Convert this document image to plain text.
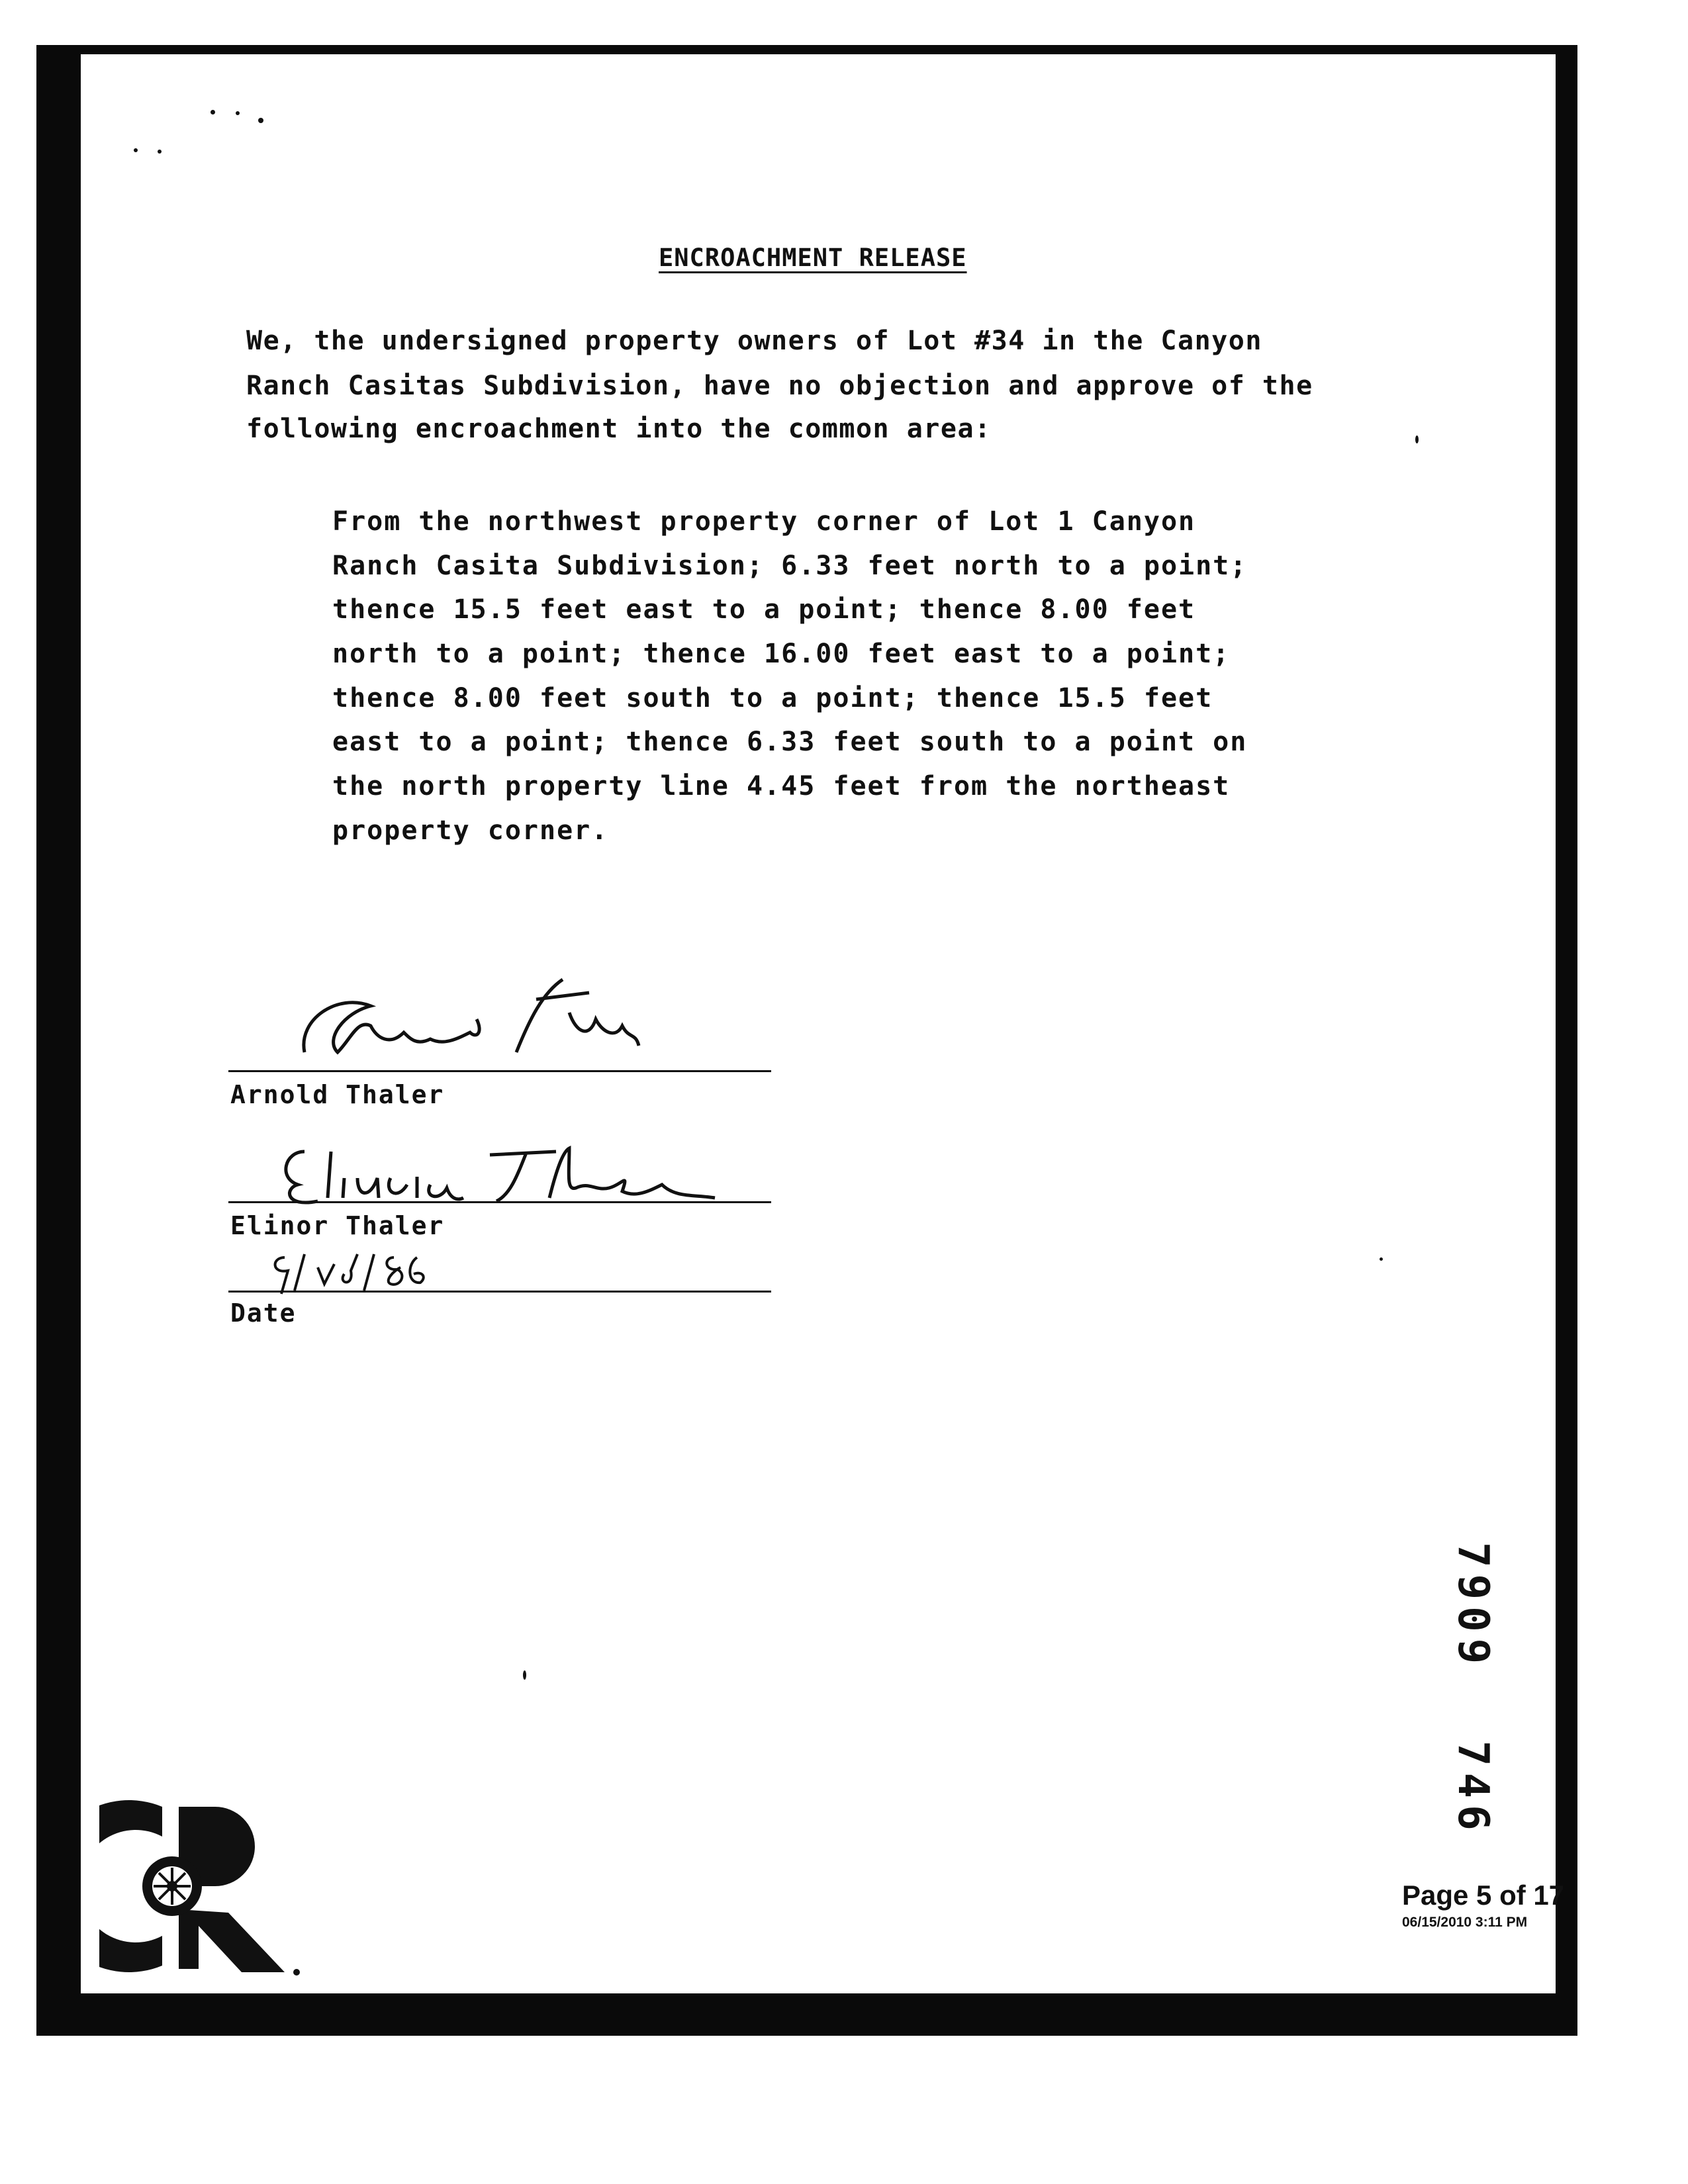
ENCROACHMENT RELEASE
We, the undersigned property owners of Lot #34 in the Canyon
Ranch Casitas Subdivision, have no objection and approve of the
following encroachment into the common area:
From the northwest property corner of Lot 1 Canyon
Ranch Casita Subdivision; 6.33 feet north to a point;
thence 15.5 feet east to a point; thence 8.00 feet
north to a point; thence 16.00 feet east to a point;
thence 8.00 feet south to a point; thence 15.5 feet
east to a point; thence 6.33 feet south to a point on
the north property line 4.45 feet from the northeast
property corner.
Arnold Thaler
Elinor Thaler
Date
7909
746
Page 5 of 17
06/15/2010 3:11 PM
